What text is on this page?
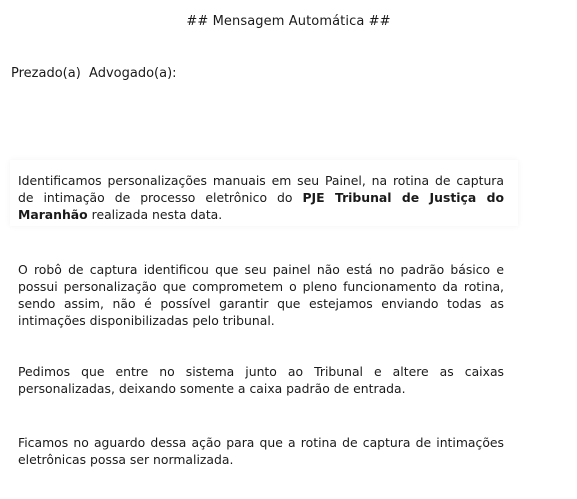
## Mensagem Automática ##
Prezado(a) Advogado(a):
Identificamos personalizações manuais em seu Painel, na rotina de captura de intimação de processo eletrônico do PJE Tribunal de Justiça do Maranhão realizada nesta data.
O robô de captura identificou que seu painel não está no padrão básico e possui personalização que comprometem o pleno funcionamento da rotina, sendo assim, não é possível garantir que estejamos enviando todas as intimações disponibilizadas pelo tribunal.
Pedimos que entre no sistema junto ao Tribunal e altere as caixas personalizadas, deixando somente a caixa padrão de entrada.
Ficamos no aguardo dessa ação para que a rotina de captura de intimações eletrônicas possa ser normalizada.
